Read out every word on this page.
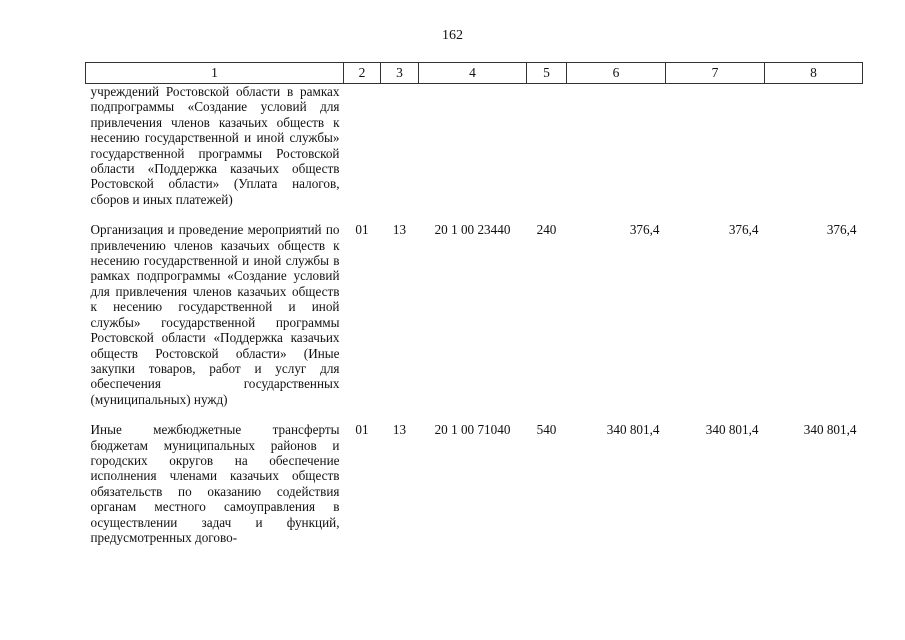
162
1	2	3	4	5	6	7	8
учреждений Ростовской области в рамках подпрограммы «Создание условий для привлечения членов казачьих обществ к несению государственной и иной службы» государственной программы Ростовской области «Поддержка казачьих обществ Ростовской области» (Уплата налогов, сборов и иных платежей)							
Организация и проведение мероприятий по привлечению членов казачьих обществ к несению государственной и иной службы в рамках подпрограммы «Создание условий для привлечения членов казачьих обществ к несению государственной и иной службы» государственной программы Ростовской области «Поддержка казачьих обществ Ростовской области» (Иные закупки товаров, работ и услуг для обеспечения государственных (муниципальных) нужд)	01	13	20 1 00 23440	240	376,4	376,4	376,4
Иные межбюджетные трансферты бюджетам муниципальных районов и городских округов на обеспечение исполнения членами казачьих обществ обязательств по оказанию содействия органам местного самоуправления в осуществлении задач и функций, предусмотренных догово-	01	13	20 1 00 71040	540	340 801,4	340 801,4	340 801,4
